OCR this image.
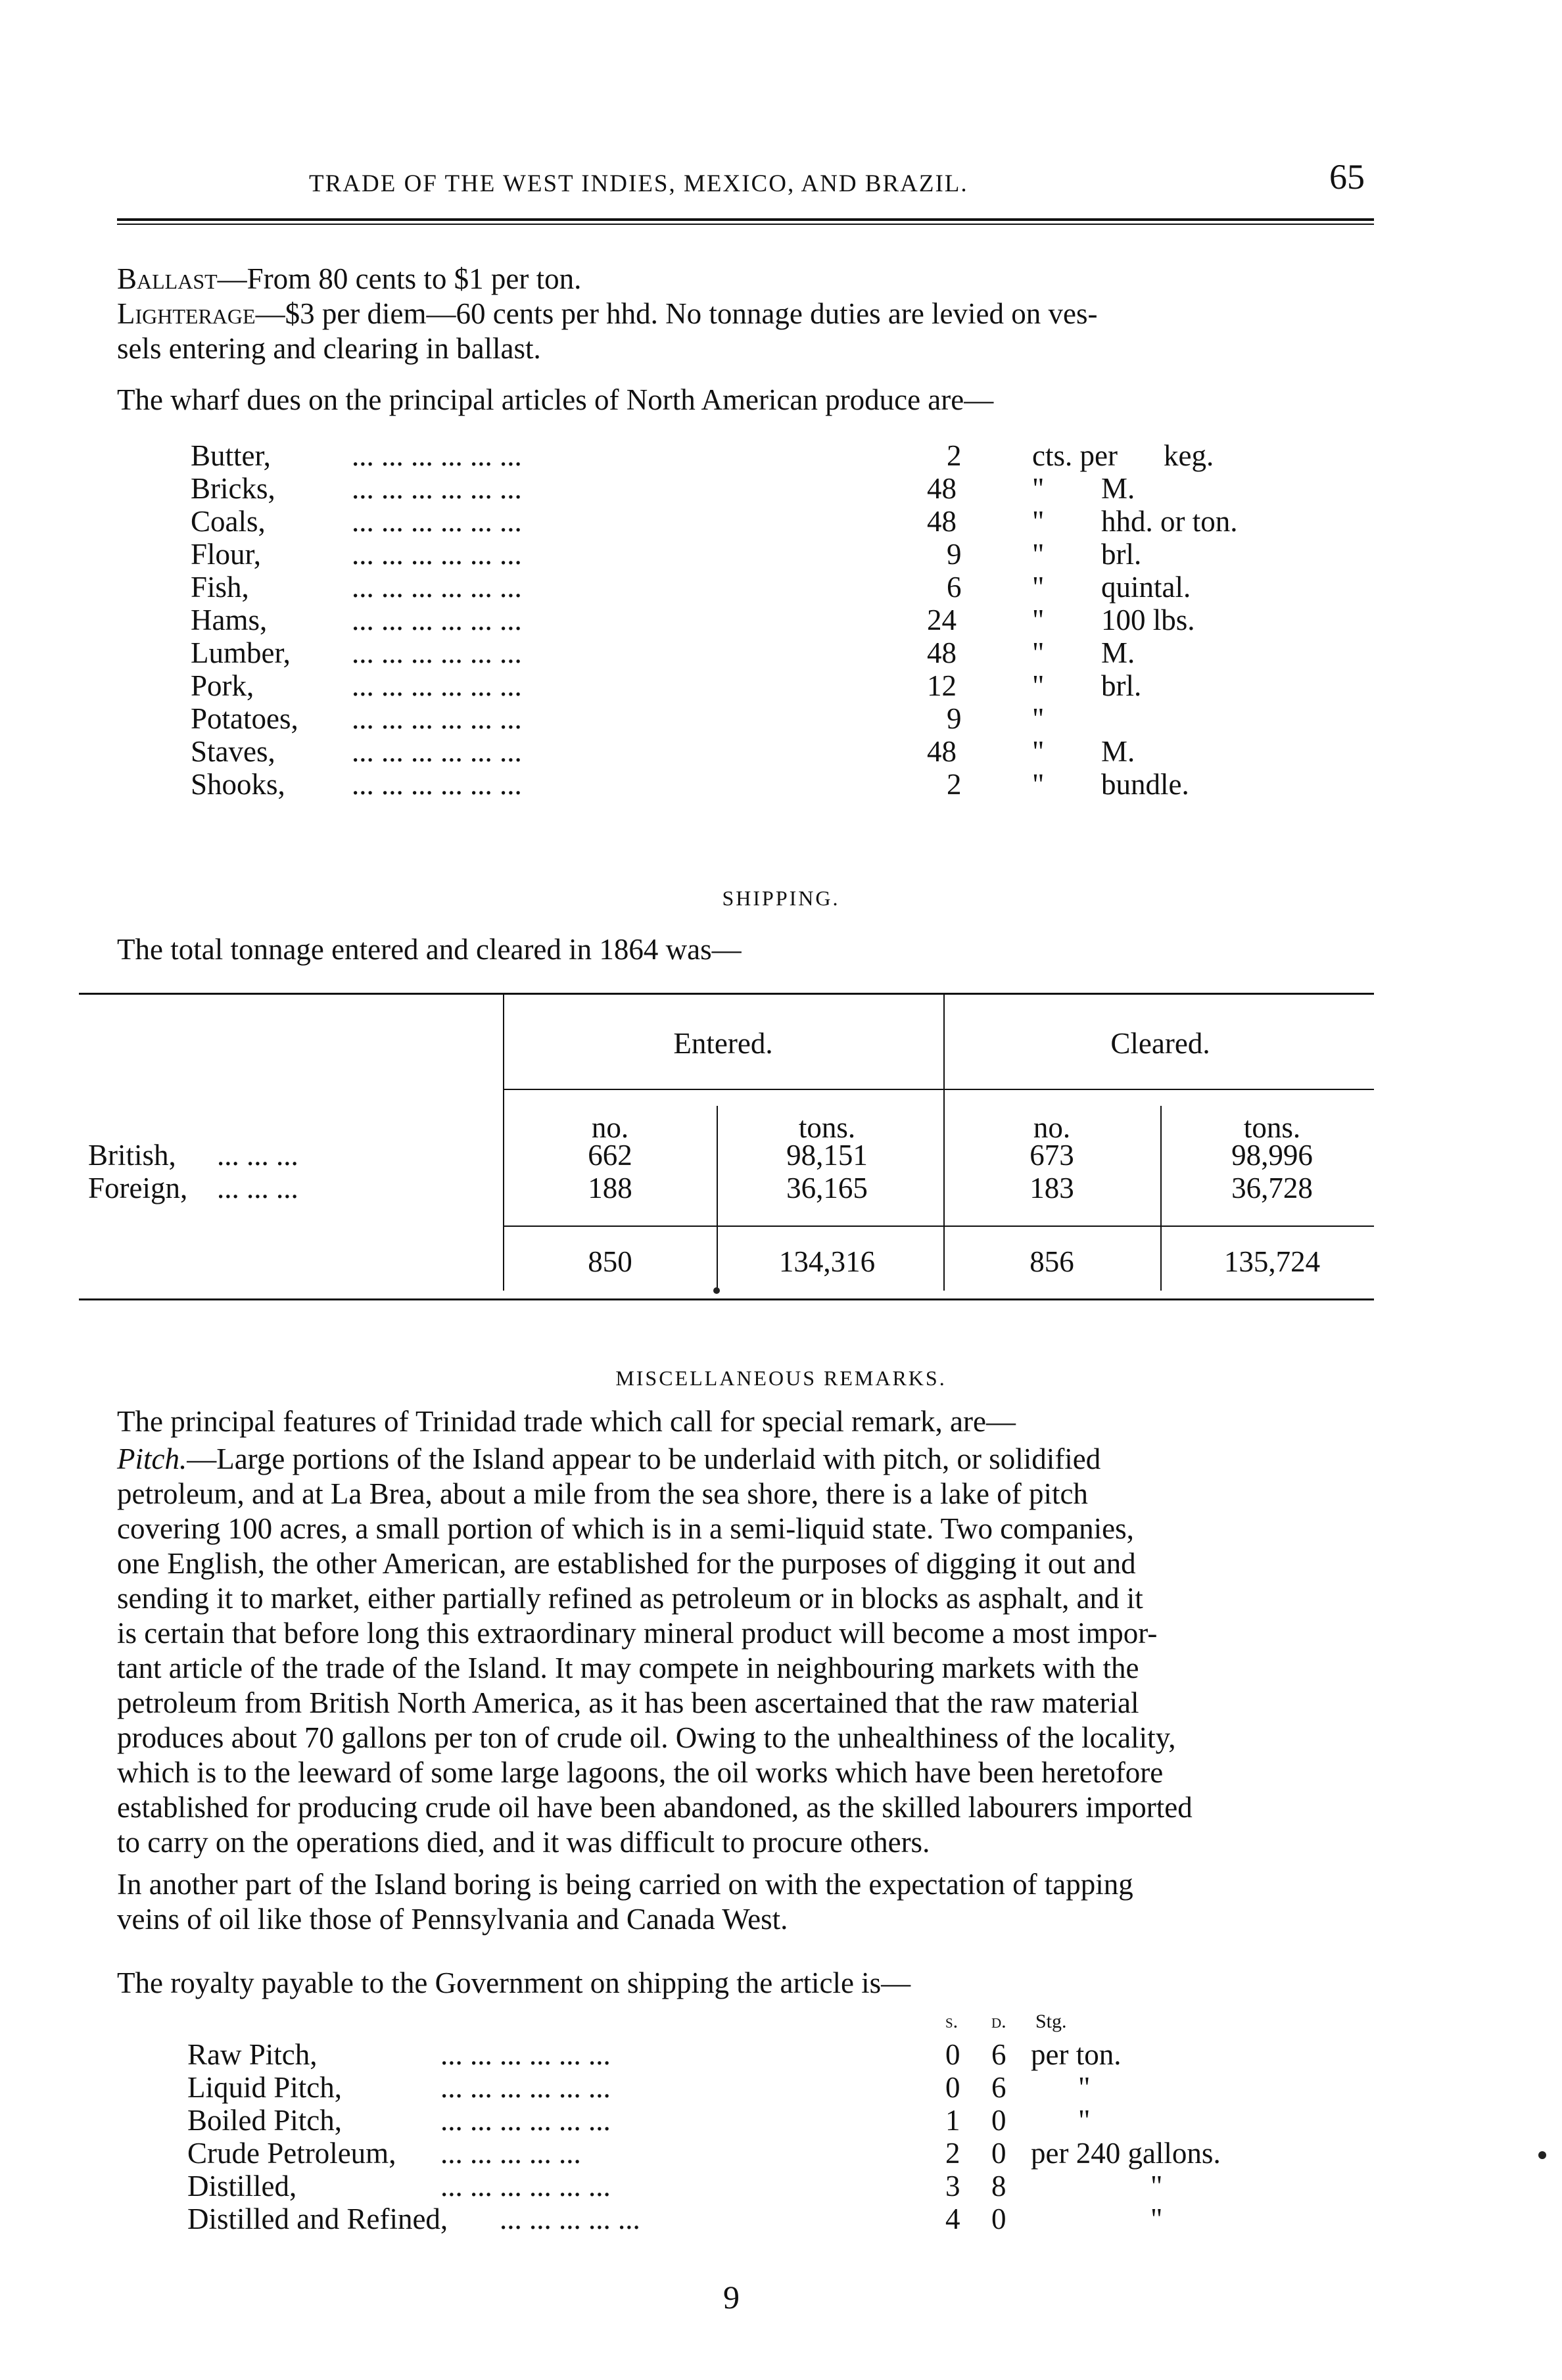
TRADE OF THE WEST INDIES, MEXICO, AND BRAZIL.	65
Ballast—From 80 cents to $1 per ton.
Lighterage—$3 per diem—60 cents per hhd. No tonnage duties are levied on ves-
sels entering and clearing in ballast.
The wharf dues on the principal articles of North American produce are—
Butter,	... ... ... ... ... ...	2 cts. per keg.
Bricks,	... ... ... ... ... ...	48	" M.
Coals,	... ... ... ... ... ...	48	" hhd. or ton.
Flour,	... ... ... ... ... ...	9 " brl.
Fish,	... ... ... ... ... ...	6 " quintal.
Hams,	... ... ... ... ... ...	24	" 100 lbs.
Lumber, ... ... ... ... ... ...	48	" M.
Pork,	... ... ... ... ... ...	12	" brl.
Potatoes, ... ... ... ... ... ...	9 "
Staves,	... ... ... ... ... ...	48	" M.
Shooks, ... ... ... ... ... ...	2 " bundle.
SHIPPING.
The total tonnage entered and cleared in 1864 was—
Entered.	Cleared.
no.	tons.	no.	tons.
British, ... ... ...	662	98,151	673	98,996
Foreign, ... ... ...	188	36,165	183	36,728
850	134,316	856	135,724
MISCELLANEOUS REMARKS.
The principal features of Trinidad trade which call for special remark, are—
Pitch.—Large portions of the Island appear to be underlaid with pitch, or solidified
petroleum, and at La Brea, about a mile from the sea shore, there is a lake of pitch
covering 100 acres, a small portion of which is in a semi-liquid state. Two companies,
one English, the other American, are established for the purposes of digging it out and
sending it to market, either partially refined as petroleum or in blocks as asphalt, and it
is certain that before long this extraordinary mineral product will become a most impor-
tant article of the trade of the Island. It may compete in neighbouring markets with the
petroleum from British North America, as it has been ascertained that the raw material
produces about 70 gallons per ton of crude oil. Owing to the unhealthiness of the locality,
which is to the leeward of some large lagoons, the oil works which have been heretofore
established for producing crude oil have been abandoned, as the skilled labourers imported
to carry on the operations died, and it was difficult to procure others.
In another part of the Island boring is being carried on with the expectation of tapping
veins of oil like those of Pennsylvania and Canada West.
The royalty payable to the Government on shipping the article is—
s. d. Stg.
Raw Pitch,	... ... ... ... ... ...	0 6 per ton.
Liquid Pitch,	... ... ... ... ... ...	0 6 "
Boiled Pitch,	... ... ... ... ... ...	1 0 "
Crude Petroleum, ... ... ... ... ...	2 0 per 240 gallons.
Distilled,	... ... ... ... ... ...	3 8	"
Distilled and Refined, ... ... ... ... ...	4 0	"
9
